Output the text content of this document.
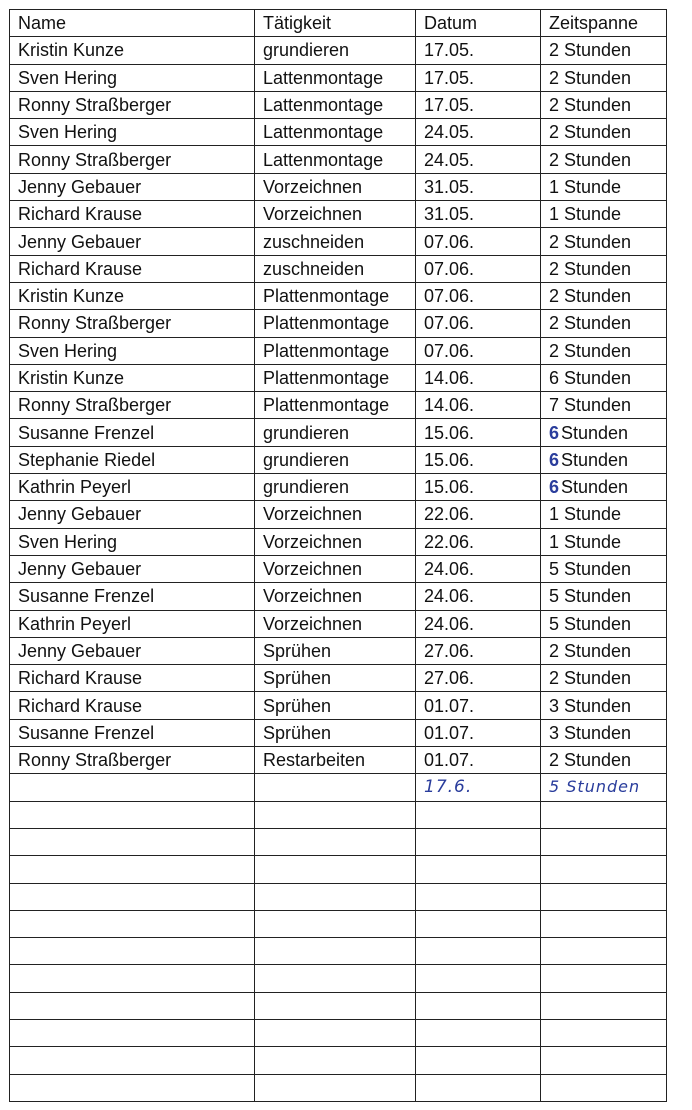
Name	Tätigkeit	Datum	Zeitspanne
Kristin Kunze	grundieren	17.05.	2 Stunden
Sven Hering	Lattenmontage	17.05.	2 Stunden
Ronny Straßberger	Lattenmontage	17.05.	2 Stunden
Sven Hering	Lattenmontage	24.05.	2 Stunden
Ronny Straßberger	Lattenmontage	24.05.	2 Stunden
Jenny Gebauer	Vorzeichnen	31.05.	1 Stunde
Richard Krause	Vorzeichnen	31.05.	1 Stunde
Jenny Gebauer	zuschneiden	07.06.	2 Stunden
Richard Krause	zuschneiden	07.06.	2 Stunden
Kristin Kunze	Plattenmontage	07.06.	2 Stunden
Ronny Straßberger	Plattenmontage	07.06.	2 Stunden
Sven Hering	Plattenmontage	07.06.	2 Stunden
Kristin Kunze	Plattenmontage	14.06.	6 Stunden
Ronny Straßberger	Plattenmontage	14.06.	7 Stunden
Susanne Frenzel	grundieren	15.06.	6 Stunden
Stephanie Riedel	grundieren	15.06.	6 Stunden
Kathrin Peyerl	grundieren	15.06.	6 Stunden
Jenny Gebauer	Vorzeichnen	22.06.	1 Stunde
Sven Hering	Vorzeichnen	22.06.	1 Stunde
Jenny Gebauer	Vorzeichnen	24.06.	5 Stunden
Susanne Frenzel	Vorzeichnen	24.06.	5 Stunden
Kathrin Peyerl	Vorzeichnen	24.06.	5 Stunden
Jenny Gebauer	Sprühen	27.06.	2 Stunden
Richard Krause	Sprühen	27.06.	2 Stunden
Richard Krause	Sprühen	01.07.	3 Stunden
Susanne Frenzel	Sprühen	01.07.	3 Stunden
Ronny Straßberger	Restarbeiten	01.07.	2 Stunden
		17.6.	5 Stunden
